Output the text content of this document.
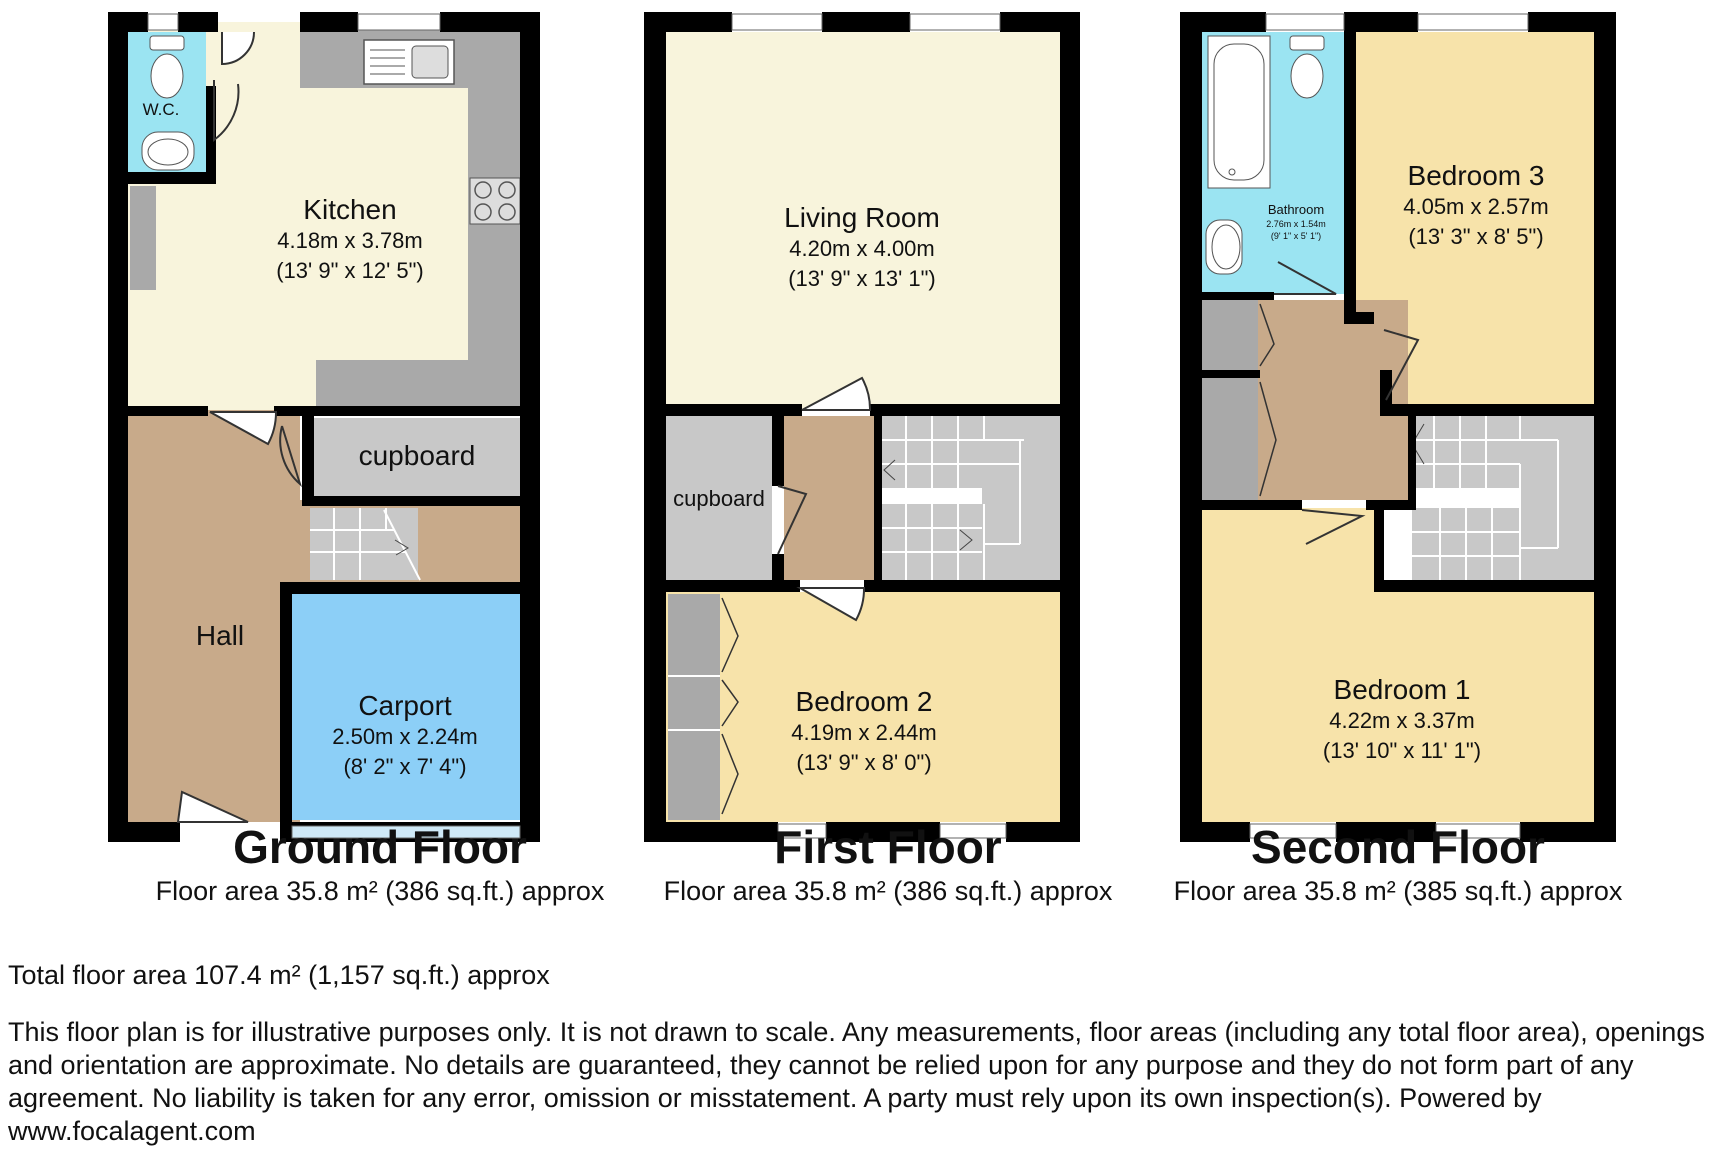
Kitchen
4.18m x 3.78m
(13' 9" x 12' 5")
W.C.
cupboard
Hall
Carport
2.50m x 2.24m
(8' 2" x 7' 4")
Living Room
4.20m x 4.00m
(13' 9" x 13' 1")
cupboard
Bedroom 2
4.19m x 2.44m
(13' 9" x 8' 0")
Bathroom
2.76m x 1.54m
(9' 1" x 5' 1")
Bedroom 3
4.05m x 2.57m
(13' 3" x 8' 5")
Bedroom 1
4.22m x 3.37m
(13' 10" x 11' 1")
Ground Floor
Floor area 35.8 m² (386 sq.ft.) approx
First Floor
Floor area 35.8 m² (386 sq.ft.) approx
Second Floor
Floor area 35.8 m² (385 sq.ft.) approx
Total floor area 107.4 m² (1,157 sq.ft.) approx
This floor plan is for illustrative purposes only. It is not drawn to scale. Any measurements, floor areas (including any total floor area), openings and orientation are approximate. No details are guaranteed, they cannot be relied upon for any purpose and they do not form part of any agreement. No liability is taken for any error, omission or misstatement. A party must rely upon its own inspection(s). Powered by www.focalagent.com
